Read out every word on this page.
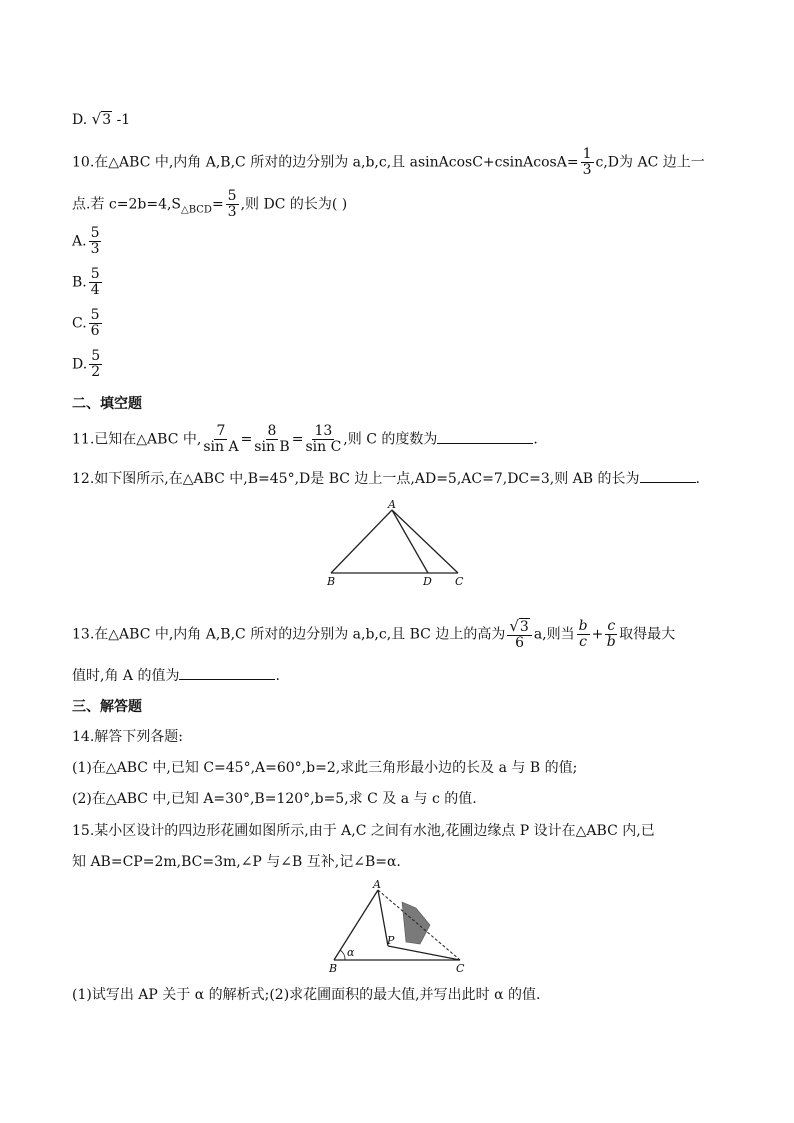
D. √ 3 -1
10.在△ABC 中,内角 A,B,C 所对的边分别为 a,b,c,且 asinAcosC+csinAcosA= $\frac{1}{3} c,D$为 AC 边上一
点.若 $c=2b=4,S_{\triangle BCD}= \frac{5}{3}$ ,则 DC 的长为( )
A. $\frac{5}{3}$
B. $\frac{5}{4}$
C. $\frac{5}{6}$
D. $\frac{5}{2}$
二、填空题
11.已知在△ABC 中, $\frac{7}{\text{sin A}} = \frac{8}{\text{sin B}} = \frac{13}{\text{sin C}}$ ,则 C 的度数为	.
12.如下图所示,在△ABC 中,B=45°,D是 BC 边上一点,AD=5,AC=7,DC=3,则 AB 的长为	.
A
B	D C
13.在△ABC 中,内角 A,B,C 所对的边分别为 a,b,c,且 BC 边上的高为 $\frac{√ 3}{6} a$,则当 $\frac{b}{c} + \frac{c}{b}$ 取得最大
值时,角 A 的值为	.
三、解答题
14.解答下列各题:
(1)在△ABC 中,已知 C=45°,A=60°,b=2,求此三角形最小边的长及 a 与 B 的值;
(2)在△ABC 中,已知 A=30°,B=120°,b=5,求 C 及 a 与 c 的值.
15.某小区设计的四边形花圃如图所示,由于 A,C 之间有水池,花圃边缘点 P 设计在△ABC 内,已
知 AB=CP=2m,BC=3m,∠P 与∠B 互补,记∠B=α.
A
B	C
P
α
(1)试写出 AP 关于 α 的解析式;(2)求花圃面积的最大值,并写出此时 α 的值.
